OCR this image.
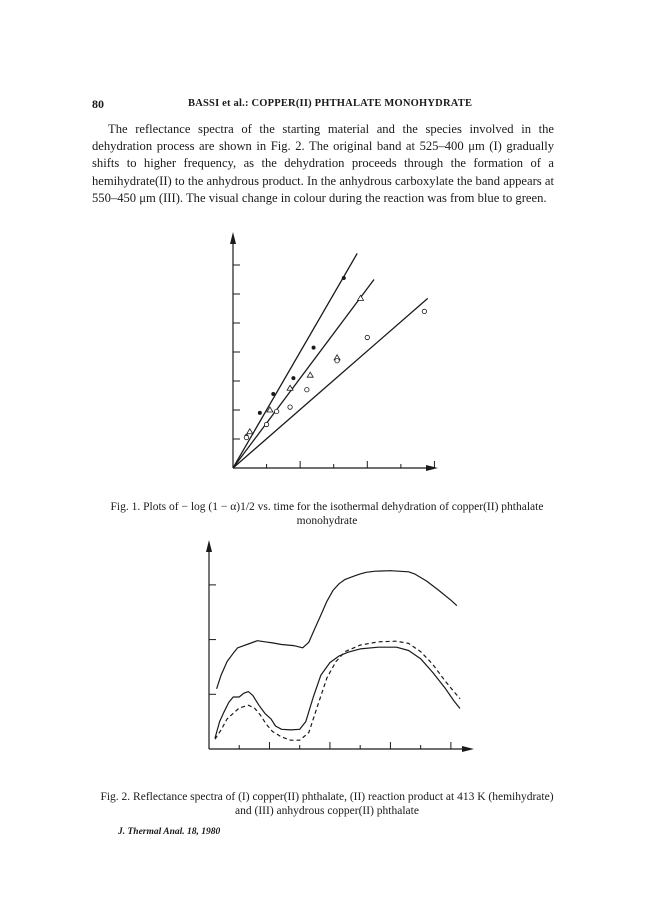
80	BASSI et al.: COPPER(II) PHTHALATE MONOHYDRATE

The reflectance spectra of the starting material and the species involved in the dehydration process are shown in Fig. 2. The original band at 525–400 μm (I) gradually shifts to higher frequency, as the dehydration proceeds through the formation of a hemihydrate(II) to the anhydrous product. In the anhydrous carboxylate the band appears at 550–450 μm (III). The visual change in colour during the reaction was from blue to green.

Fig. 1. Plots of − log (1 − α)1/2 vs. time for the isothermal dehydration of copper(II) phthalate monohydrate

Fig. 2. Reflectance spectra of (I) copper(II) phthalate, (II) reaction product at 413 K (hemihydrate) and (III) anhydrous copper(II) phthalate

J. Thermal Anal. 18, 1980
